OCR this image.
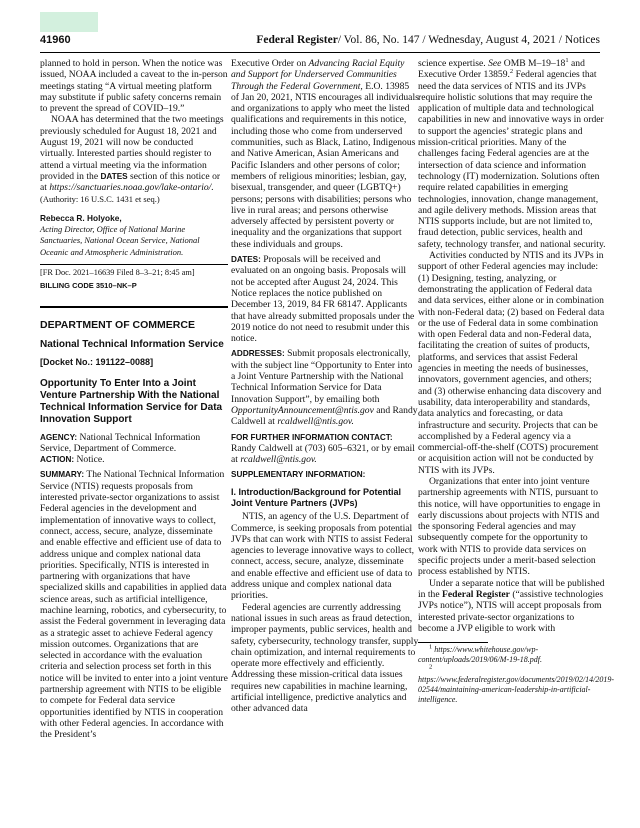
41960	Federal Register/ Vol. 86, No. 147 / Wednesday, August 4, 2021 / Notices

planned to hold in person. When the notice was issued, NOAA included a caveat to the in-person meetings stating “A virtual meeting platform may substitute if public safety concerns remain to prevent the spread of COVID–19.”

NOAA has determined that the two meetings previously scheduled for August 18, 2021 and August 19, 2021 will now be conducted virtually. Interested parties should register to attend a virtual meeting via the information provided in the DATES section of this notice or at https://sanctuaries.noaa.gov/lake-ontario/.

(Authority: 16 U.S.C. 1431 et seq.)

Rebecca R. Holyoke,

Acting Director, Office of National Marine Sanctuaries, National Ocean Service, National Oceanic and Atmospheric Administration.

[FR Doc. 2021–16639 Filed 8–3–21; 8:45 am]
BILLING CODE 3510–NK–P
DEPARTMENT OF COMMERCE
National Technical Information Service
[Docket No.: 191122–0088]
Opportunity To Enter Into a Joint Venture Partnership With the National Technical Information Service for Data Innovation Support

AGENCY: National Technical Information Service, Department of Commerce.

ACTION: Notice.

SUMMARY: The National Technical Information Service (NTIS) requests proposals from interested private-sector organizations to assist Federal agencies in the development and implementation of innovative ways to collect, connect, access, secure, analyze, disseminate and enable effective and efficient use of data to address unique and complex national data priorities. Specifically, NTIS is interested in partnering with organizations that have specialized skills and capabilities in applied data science areas, such as artificial intelligence, machine learning, robotics, and cybersecurity, to assist the Federal government in leveraging data as a strategic asset to achieve Federal agency mission outcomes. Organizations that are selected in accordance with the evaluation criteria and selection process set forth in this notice will be invited to enter into a joint venture partnership agreement with NTIS to be eligible to compete for Federal data service opportunities identified by NTIS in cooperation with other Federal agencies. In accordance with the President’s

Executive Order on Advancing Racial Equity and Support for Underserved Communities Through the Federal Government, E.O. 13985 of Jan 20, 2021, NTIS encourages all individuals and organizations to apply who meet the listed qualifications and requirements in this notice, including those who come from underserved communities, such as Black, Latino, Indigenous and Native American, Asian Americans and Pacific Islanders and other persons of color; members of religious minorities; lesbian, gay, bisexual, transgender, and queer (LGBTQ+) persons; persons with disabilities; persons who live in rural areas; and persons otherwise adversely affected by persistent poverty or inequality and the organizations that support these individuals and groups.

DATES: Proposals will be received and evaluated on an ongoing basis. Proposals will not be accepted after August 24, 2024. This Notice replaces the notice published on December 13, 2019, 84 FR 68147. Applicants that have already submitted proposals under the 2019 notice do not need to resubmit under this notice.

ADDRESSES: Submit proposals electronically, with the subject line “Opportunity to Enter into a Joint Venture Partnership with the National Technical Information Service for Data Innovation Support”, by emailing both OpportunityAnnouncement@ntis.gov and Randy Caldwell at rcaldwell@ntis.gov.

FOR FURTHER INFORMATION CONTACT:
Randy Caldwell at (703) 605–6321, or by email at rcaldwell@ntis.gov.

SUPPLEMENTARY INFORMATION:

I. Introduction/Background for Potential Joint Venture Partners (JVPs)

NTIS, an agency of the U.S. Department of Commerce, is seeking proposals from potential JVPs that can work with NTIS to assist Federal agencies to leverage innovative ways to collect, connect, access, secure, analyze, disseminate and enable effective and efficient use of data to address unique and complex national data priorities.

Federal agencies are currently addressing national issues in such areas as fraud detection, improper payments, public services, health and safety, cybersecurity, technology transfer, supply chain optimization, and internal requirements to operate more effectively and efficiently. Addressing these mission-critical data issues requires new capabilities in machine learning, artificial intelligence, predictive analytics and other advanced data

science expertise. See OMB $M-19-18^1$ and Executive Order 13859.$^2$ Federal agencies that need the data services of NTIS and its JVPs require holistic solutions that may require the application of multiple data and technological capabilities in new and innovative ways in order to support the agencies’ strategic plans and mission-critical priorities. Many of the challenges facing Federal agencies are at the intersection of data science and information technology (IT) modernization. Solutions often require related capabilities in emerging technologies, innovation, change management, and agile delivery methods. Mission areas that NTIS supports include, but are not limited to, fraud detection, public services, health and safety, technology transfer, and national security.

Activities conducted by NTIS and its JVPs in support of other Federal agencies may include: (1) Designing, testing, analyzing, or demonstrating the application of Federal data and data services, either alone or in combination with non-Federal data; (2) based on Federal data or the use of Federal data in some combination with open Federal data and non-Federal data, facilitating the creation of suites of products, platforms, and services that assist Federal agencies in meeting the needs of businesses, innovators, government agencies, and others; and (3) otherwise enhancing data discovery and usability, data interoperability and standards, data analytics and forecasting, or data infrastructure and security. Projects that can be accomplished by a Federal agency via a commercial-off-the-shelf (COTS) procurement or acquisition action will not be conducted by NTIS with its JVPs.

Organizations that enter into joint venture partnership agreements with NTIS, pursuant to this notice, will have opportunities to engage in early discussions about projects with NTIS and the sponsoring Federal agencies and may subsequently compete for the opportunity to work with NTIS to provide data services on specific projects under a merit-based selection process established by NTIS.

Under a separate notice that will be published in the Federal Register (“assistive technologies JVPs notice”), NTIS will accept proposals from interested private-sector organizations to become a JVP eligible to work with

$^1$ https://www.whitehouse.gov/wp-content/uploads/2019/06/M-19-18.pdf.

$^2$ https://www.federalregister.gov/documents/2019/02/14/2019-02544/maintaining-american-leadership-in-artificial-intelligence.
